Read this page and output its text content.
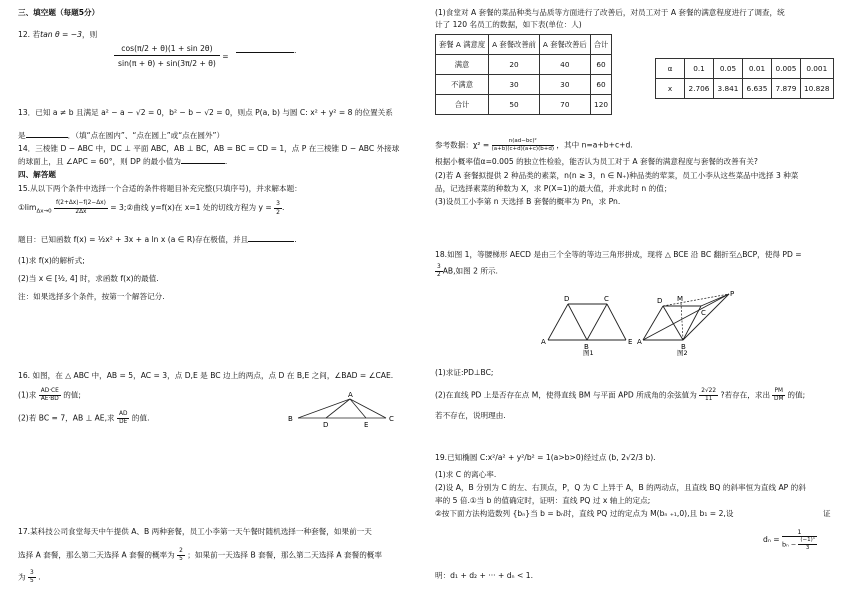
三、填空题（每题5分）
12. 若tan θ = −3，则
$\frac{\cos(\pi/2 + \theta)(1 + \sin 2\theta)}{\sin(\pi + \theta) + \sin(3\pi/2 + \theta)}$ =
.
13．已知 a ≠ b 且满足 a² − a − √2 = 0，b² − b − √2 = 0，则点 P(a, b) 与圆 C: x² + y² = 8 的位置关系
是	．（填“点在圆内”、“点在圆上”或“点在圆外”）
14．三棱锥 D − ABC 中，DC ⊥ 平面 ABC，AB ⊥ BC，AB = BC = CD = 1，点 P 在三棱锥 D − ABC 外接球
的球面上，且 ∠APC = 60°，则 DP 的最小值为	.
四、解答题
15.从以下两个条件中选择一个合适的条件将题目补充完整(只填序号)，并求解本题：
$①\lim_{\Delta x\to 0} \frac{f(2+\Delta x)-f(2-\Delta x)}{2\Delta x}$ = 3;②曲线 y=f(x)在 x=1 处的切线方程为 $y = \frac{3}{2}$ .
题目：已知函数 f(x) = ½x² + 3x + a ln x (a ∈ R)存在极值，并且	.
(1)求 f(x)的解析式;
(2)当 x ∈ [½, 4] 时，求函数 f(x)的最值.
注：如果选择多个条件，按第一个解答记分.
16. 如图，在 △ ABC 中，AB = 5，AC = 3，点 D,E 是 BC 边上的两点，点 D 在 B,E 之间，∠BAD = ∠CAE.
(1)求 $\frac{AD\cdot CE}{AE\cdot BD}$ 的值;
(2)若 BC = 7，AB ⊥ AE,求 $\frac{AD}{DE}$ 的值.	B
A
C
D	E
17.某科技公司食堂每天中午提供 A、B 两种套餐，员工小李第一天午餐时随机选择一种套餐，如果前一天
选择 A 套餐，那么第二天选择 A 套餐的概率为 $\frac{2}{5}$ ；如果前一天选择 B 套餐，那么第二天选择 A 套餐的概率
为 $\frac{3}{5}$ .
(1)食堂对 A 套餐的菜品种类与品质等方面进行了改善后，对员工对于 A 套餐的满意程度进行了调查，统
计了 120 名员工的数据，如下表(单位：人)
套餐 A 满意度	A 套餐改善前	A 套餐改善后	合计
满意	20	40	60
不满意	30	30	60
合计	50	70	120
α	0.1	0.05	0.01	0.005	0.001
x	2.706	3.841	6.635	7.879	10.828
参考数据：$\chi^2 = \frac{\text{n(ad−bc)²}}{(a+b)(c+d)(a+c)(b+d)}$ ，其中 n=a+b+c+d.
根据小概率值α=0.005 的独立性检验，能否认为员工对于 A 套餐的满意程度与套餐的改善有关?
(2)若 A 套餐拟提供 2 种品类的素菜，n(n ≥ 3，n ∈ N₊)种品类的荤菜，员工小李从这些菜品中选择 3 种菜
品，记选择素菜的种数为 X，求 P(X=1)的最大值，并求此时 n 的值；
(3)设员工小李第 n 天选择 B 套餐的概率为 Pn，求 Pn.
18.如图 1，等腰梯形 AECD 是由三个全等的等边三角形拼成，现将 △ BCE 沿 BC 翻折至△BCP，使得 PD =
$\frac{3}{2}$ AB,如图 2 所示.
A
D	C
B
E
图1
A
D M
C
B
P
图2
(1)求证:PD⊥BC;
(2)在直线 PD 上是否存在点 M，使得直线 BM 与平面 APD 所成角的余弦值为 $\frac{2√22}{11}$ ?若存在，求出 $\frac{PM}{DM}$ 的值;
若不存在，说明理由.
19.已知椭圆 C:x²/a² + y²/b² = 1(a>b>0)经过点 (b, 2√2/3 b).
(1)求 C 的离心率.
(2)设 A，B 分别为 C 的左、右顶点，P，Q 为 C 上异于 A，B 的两动点，且直线 BQ 的斜率恒为直线 AP 的斜
率的 5 倍.①当 b 的值确定时，证明：直线 PQ 过 x 轴上的定点;
②按下面方法构造数列 {bₙ}当 b = bₙ时，直线 PQ 过的定点为 M(bₙ ₊₁,0),且 b₁ = 2,设	证
$d_n = \frac{1}{b_n - \frac{\text{(−1)ⁿ}}{3}}$
明：d₁ + d₂ + ··· + dₙ < 1.
